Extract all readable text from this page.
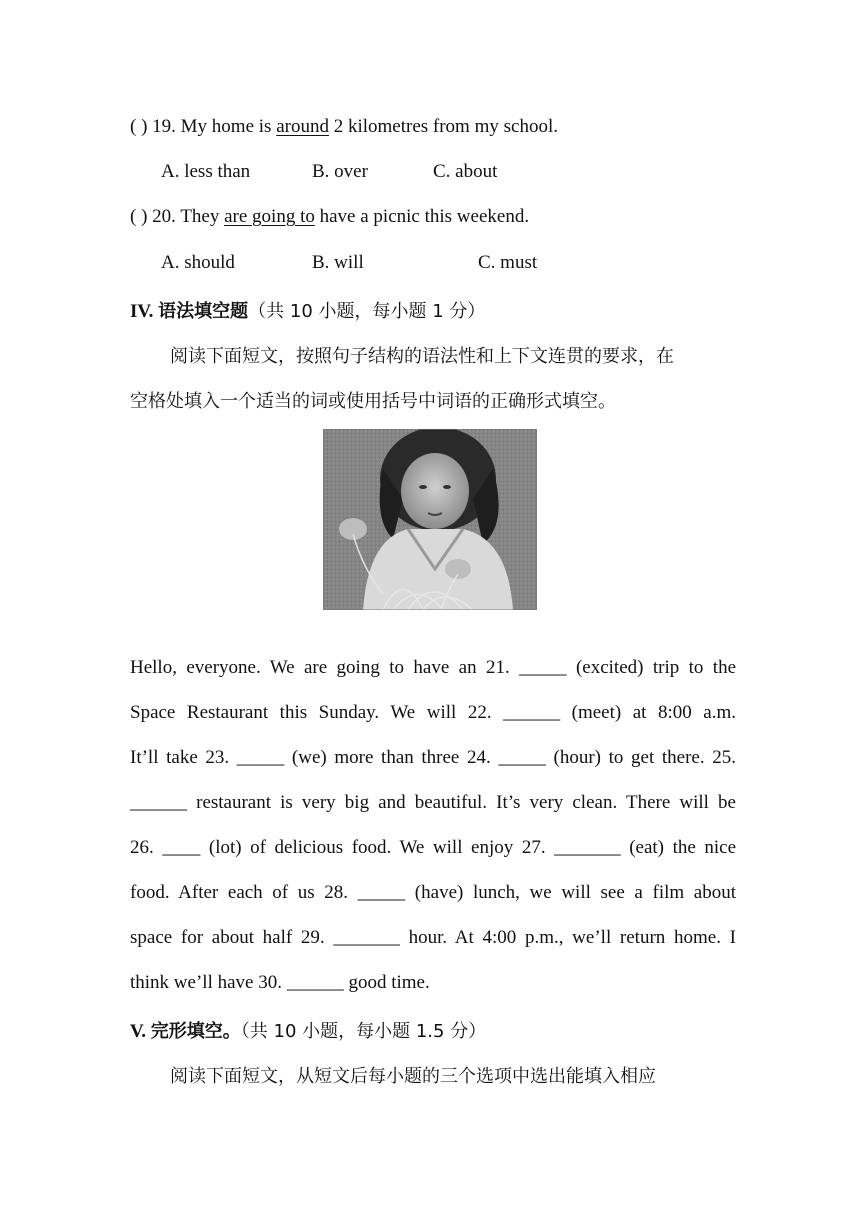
( ) 19. My home is around 2 kilometres from my school.
A. less than	B. over	C. about
( ) 20. They are going to have a picnic this weekend.
A. should	B. will	C. must
IV. 语法填空题（共 10 小题，每小题 1 分）
阅读下面短文，按照句子结构的语法性和上下文连贯的要求，在
空格处填入一个适当的词或使用括号中词语的正确形式填空。
Hello, everyone. We are going to have an 21. _____ (excited) trip to the
Space Restaurant this Sunday. We will 22. ______ (meet) at 8:00 a.m.
It’ll take 23. _____ (we) more than three 24. _____ (hour) to get there. 25.
______ restaurant is very big and beautiful. It’s very clean. There will be
26. ____ (lot) of delicious food. We will enjoy 27. _______ (eat) the nice
food. After each of us 28. _____ (have) lunch, we will see a film about
space for about half 29. _______ hour. At 4:00 p.m., we’ll return home. I
think we’ll have 30. ______ good time.
V. 完形填空。（共 10 小题，每小题 1.5 分）
阅读下面短文，从短文后每小题的三个选项中选出能填入相应
